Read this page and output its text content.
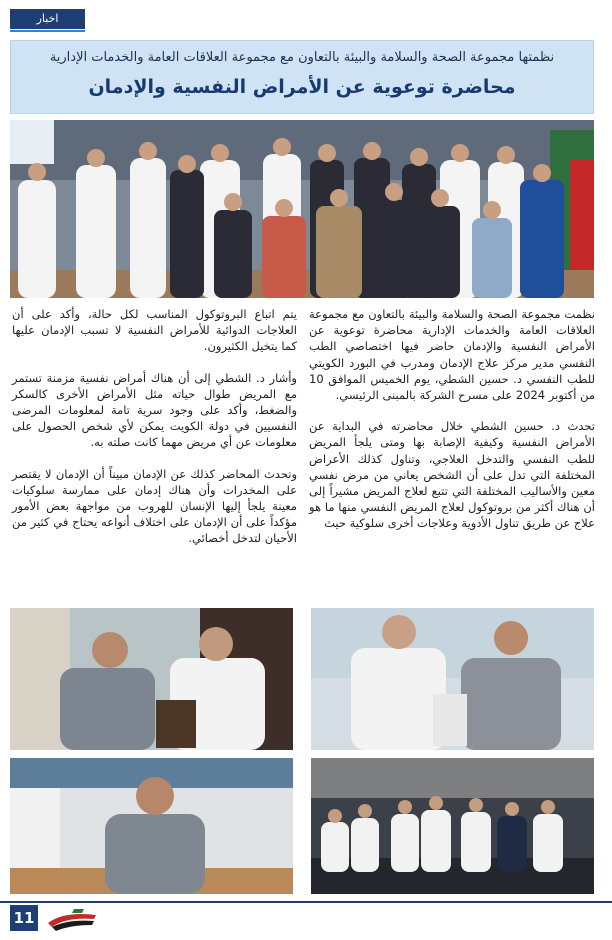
اخبار
نظمتها مجموعة الصحة والسلامة والبيئة بالتعاون مع مجموعة العلاقات العامة والخدمات الإدارية
محاضرة توعوية عن الأمراض النفسية والإدمان

نظمت مجموعة الصحة والسلامة والبيئة بالتعاون مع مجموعة العلاقات العامة والخدمات الإدارية محاضرة توعوية عن الأمراض النفسية والإدمان حاضر فيها اختصاصي الطب النفسي مدير مركز علاج الإدمان ومدرب في البورد الكويتي للطب النفسي د. حسين الشطي، يوم الخميس الموافق 10 من أكتوبر 2024 على مسرح الشركة بالمبنى الرئيسي.

تحدث د. حسين الشطي خلال محاضرته في البداية عن الأمراض النفسية وكيفية الإصابة بها ومتى يلجأ المريض للطب النفسي والتدخل العلاجي، وتناول كذلك الأعراض المختلفة التي تدل على أن الشخص يعاني من مرض نفسي معين والأساليب المختلفة التي تتبع لعلاج المريض مشيراً إلى أن هناك أكثر من بروتوكول لعلاج المريض النفسي منها ما هو علاج عن طريق تناول الأدوية وعلاجات أخرى سلوكية حيث

يتم اتباع البروتوكول المناسب لكل حالة، وأكد على أن العلاجات الدوائية للأمراض النفسية لا تسبب الإدمان عليها كما يتخيل الكثيرون.

وأشار د. الشطي إلى أن هناك أمراض نفسية مزمنة تستمر مع المريض طوال حياته مثل الأمراض الأخرى كالسكر والضغط، وأكد على وجود سرية تامة لمعلومات المرضى النفسيين في دولة الكويت يمكن لأي شخص الحصول على معلومات عن أي مريض مهما كانت صلته به.

وتحدث المحاضر كذلك عن الإدمان مبيناً أن الإدمان لا يقتصر على المخدرات وأن هناك إدمان على ممارسة سلوكيات معينة يلجأ إليها الإنسان للهروب من مواجهة بعض الأمور مؤكداً على أن الإدمان على اختلاف أنواعه يحتاج في كثير من الأحيان لتدخل أخصائي.

11
